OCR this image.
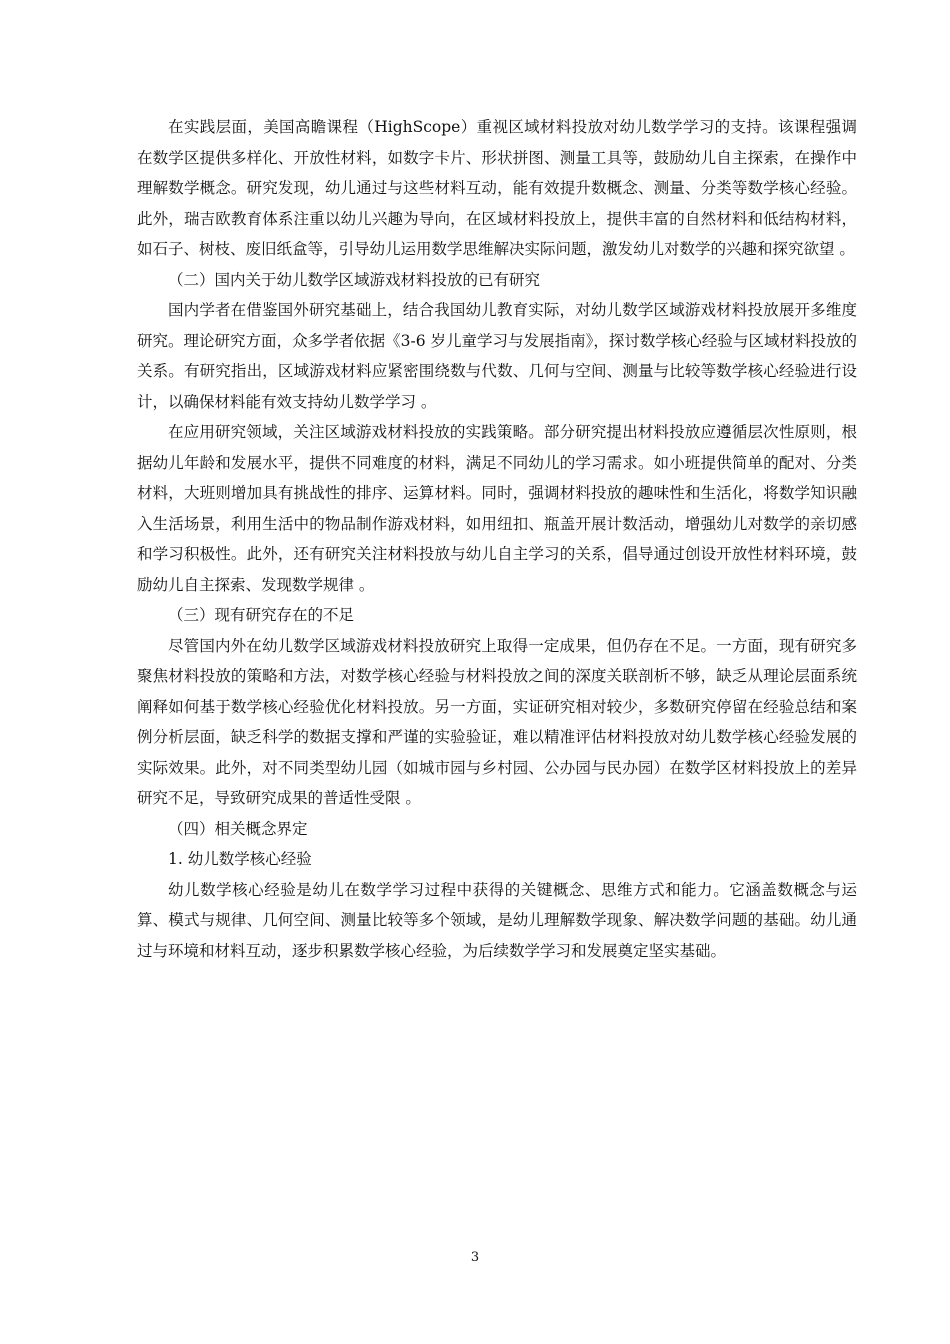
在实践层面，美国高瞻课程（HighScope）重视区域材料投放对幼儿数学学习的支持。该课程强调在数学区提供多样化、开放性材料，如数字卡片、形状拼图、测量工具等，鼓励幼儿自主探索，在操作中理解数学概念。研究发现，幼儿通过与这些材料互动，能有效提升数概念、测量、分类等数学核心经验。此外，瑞吉欧教育体系注重以幼儿兴趣为导向，在区域材料投放上，提供丰富的自然材料和低结构材料，如石子、树枝、废旧纸盒等，引导幼儿运用数学思维解决实际问题，激发幼儿对数学的兴趣和探究欲望 。

（二）国内关于幼儿数学区域游戏材料投放的已有研究

国内学者在借鉴国外研究基础上，结合我国幼儿教育实际，对幼儿数学区域游戏材料投放展开多维度研究。理论研究方面，众多学者依据《3-6 岁儿童学习与发展指南》，探讨数学核心经验与区域材料投放的关系。有研究指出，区域游戏材料应紧密围绕数与代数、几何与空间、测量与比较等数学核心经验进行设计，以确保材料能有效支持幼儿数学学习 。

在应用研究领域，关注区域游戏材料投放的实践策略。部分研究提出材料投放应遵循层次性原则，根据幼儿年龄和发展水平，提供不同难度的材料，满足不同幼儿的学习需求。如小班提供简单的配对、分类材料，大班则增加具有挑战性的排序、运算材料。同时，强调材料投放的趣味性和生活化，将数学知识融入生活场景，利用生活中的物品制作游戏材料，如用纽扣、瓶盖开展计数活动，增强幼儿对数学的亲切感和学习积极性。此外，还有研究关注材料投放与幼儿自主学习的关系，倡导通过创设开放性材料环境，鼓励幼儿自主探索、发现数学规律 。

（三）现有研究存在的不足

尽管国内外在幼儿数学区域游戏材料投放研究上取得一定成果，但仍存在不足。一方面，现有研究多聚焦材料投放的策略和方法，对数学核心经验与材料投放之间的深度关联剖析不够，缺乏从理论层面系统阐释如何基于数学核心经验优化材料投放。另一方面，实证研究相对较少，多数研究停留在经验总结和案例分析层面，缺乏科学的数据支撑和严谨的实验验证，难以精准评估材料投放对幼儿数学核心经验发展的实际效果。此外，对不同类型幼儿园（如城市园与乡村园、公办园与民办园）在数学区材料投放上的差异研究不足，导致研究成果的普适性受限 。

（四）相关概念界定

1. 幼儿数学核心经验

幼儿数学核心经验是幼儿在数学学习过程中获得的关键概念、思维方式和能力。它涵盖数概念与运算、模式与规律、几何空间、测量比较等多个领域，是幼儿理解数学现象、解决数学问题的基础。幼儿通过与环境和材料互动，逐步积累数学核心经验，为后续数学学习和发展奠定坚实基础。

3
